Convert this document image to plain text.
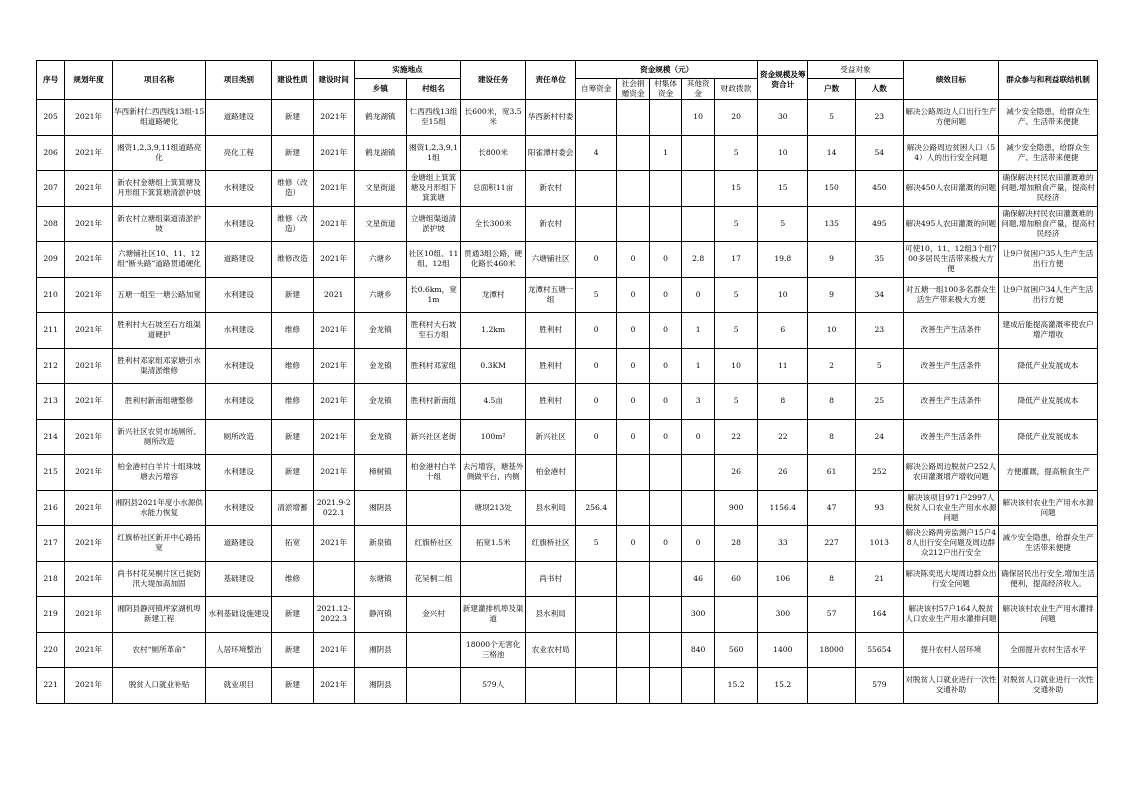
序号	规划年度	项目名称	项目类别	建设性质	建设时间	实施地点		建设任务	责任单位	资金规模（元）					资金规模及筹资合计	受益对象		绩效目标	群众参与和利益联结机制
						乡镇	村组名			自筹资金	社会捐赠资金	村集体资金	其他资金	财政拨款		户数	人数		
205	2021年	华西新村仁西西线13组-15组道路硬化	道路建设	新建	2021年	鹤龙湖镇	仁西西线13组至15组	长600米，宽3.5米	华西新村村委				10	20	30	5	23	解决公路周边人口出行生产方便问题	减少安全隐患，给群众生产、生活带来便捷
206	2021年	湘资1,2,3,9,11组道路亮化	亮化工程	新建	2021年	鹤龙湖镇	湘资1,2,3,9,11组	长800米	阳雀潭村委会	4		1		5	10	14	54	解决公路周边贫困人口（54）人的出行安全问题	减少安全隐患，给群众生产、生活带来便捷
207	2021年	新农村金塘组上箕箕塘及月形组下箕箕塘清淤护坡	水利建设	维修（改造）	2021年	文星街道	金塘组上箕箕塘及月形组下箕箕塘	总面积11亩	新农村					15	15	150	450	解决450人农田灌溉的问题	确保解决村民农田灌溉难的问题,增加粮食产量，提高村民经济
208	2021年	新农村立塘组渠道清淤护坡	水利建设	维修（改造）	2021年	文星街道	立塘组渠道清淤护坡	全长300米	新农村					5	5	135	495	解决495人农田灌溉的问题	确保解决村民农田灌溉难的问题,增加粮食产量，提高村民经济
209	2021年	六塘铺社区10、11、12组“断头路”道路贯通硬化	道路建设	维修改造	2021年	六塘乡	社区10组、11组、12组	贯通3组公路，硬化路长460米	六塘铺社区	0	0	0	2.8	17	19.8	9	35	可使10、11、12组3个组700多居民生活带来极大方便	让9户贫困户35人生产生活出行方便
210	2021年	五塘一组至一塘公路加宽	水利建设	新建	2021	六塘乡	长0.6km，宽1m	龙潭村	龙潭村五塘一组	5	0	0	0	5	10	9	34	对五塘一组100多名群众生活生产带来极大方便	让9户贫困户34人生产生活出行方便
211	2021年	胜利村大石坡至石方组渠道硬护	水利建设	维修	2021年	金龙镇	胜利村大石坡至石方组	1.2km	胜利村	0	0	0	1	5	6	10	23	改善生产生活条件	建成后能提高灌溉率使农户增产增收
212	2021年	胜利村邓家组邓家塘引水渠清淤维修	水利建设	维修	2021年	金龙镇	胜利村邓家组	0.3KM	胜利村	0	0	0	1	10	11	2	5	改善生产生活条件	降低产业发展成本
213	2021年	胜利村新南组塘整修	水利建设	维修	2021年	金龙镇	胜利村新南组	4.5亩	胜利村	0	0	0	3	5	8	8	25	改善生产生活条件	降低产业发展成本
214	2021年	新兴社区农贸市场厕所、厕所改造	厕所改造	新建	2021年	金龙镇	新兴社区老街	100m²	新兴社区	0	0	0	0	22	22	8	24	改善生产生活条件	降低产业发展成本
215	2021年	柏金港村白羊片十组珠坡塘去污增容	水利建设	新建	2021年	樟树镇	柏金港村白羊十组	去污增容，塘基外侧做平台、内侧	柏金港村					26	26	61	252	解决公路周边脱贫户252人农田灌溉增产增收问题	方便灌溉，提高粮食生产
216	2021年	湘阴县2021年度小水源供水能力恢复	水利建设	清淤增蓄	2021.9-2022.1	湘阴县		塘坝213处	县水利局	256.4				900	1156.4	47	93	解决该项目971户2997人脱贫人口农业生产用水水源问题	解决该村农业生产用水水源问题
217	2021年	红旗桥社区新开中心路拓宽	道路建设	拓宽	2021年	新泉镇	红旗桥社区	拓宽1.5米	红旗桥社区	5	0	0	0	28	33	227	1013	解决公路两旁监测户15户48人出行安全问题及周边群众212户出行安全	减少安全隐患，给群众生产生活带来便捷
218	2021年	尚书村花吴桐片区已捉防汛大堤加高加固	基础建设	维修		东塘镇	花吴桐二组		尚书村				46	60	106	8	21	解决陈奕迅大堤周边群众出行安全问题	确保居民出行安全,增加生活便利，提高经济收入。
219	2021年	湘阴县静河镇坪家湖机埠新建工程	水利基础设施建设	新建	2021.12-2022.3	静河镇	金兴村	新建灌排机埠及渠道	县水利局				300		300	57	164	解决该村57户164人脱贫人口农业生产用水灌排问题	解决该村农业生产用水灌排问题
220	2021年	农村“厕所革命”	人居环境整治	新建	2021年	湘阴县		18000个无害化三格池	农业农村局				840	560	1400	18000	55654	提升农村人居环境	全面提升农村生活水平
221	2021年	脱贫人口就业补贴	就业项目	新建	2021年	湘阴县		579人						15.2	15.2		579	对脱贫人口就业进行一次性交通补助	对脱贫人口就业进行一次性交通补助
